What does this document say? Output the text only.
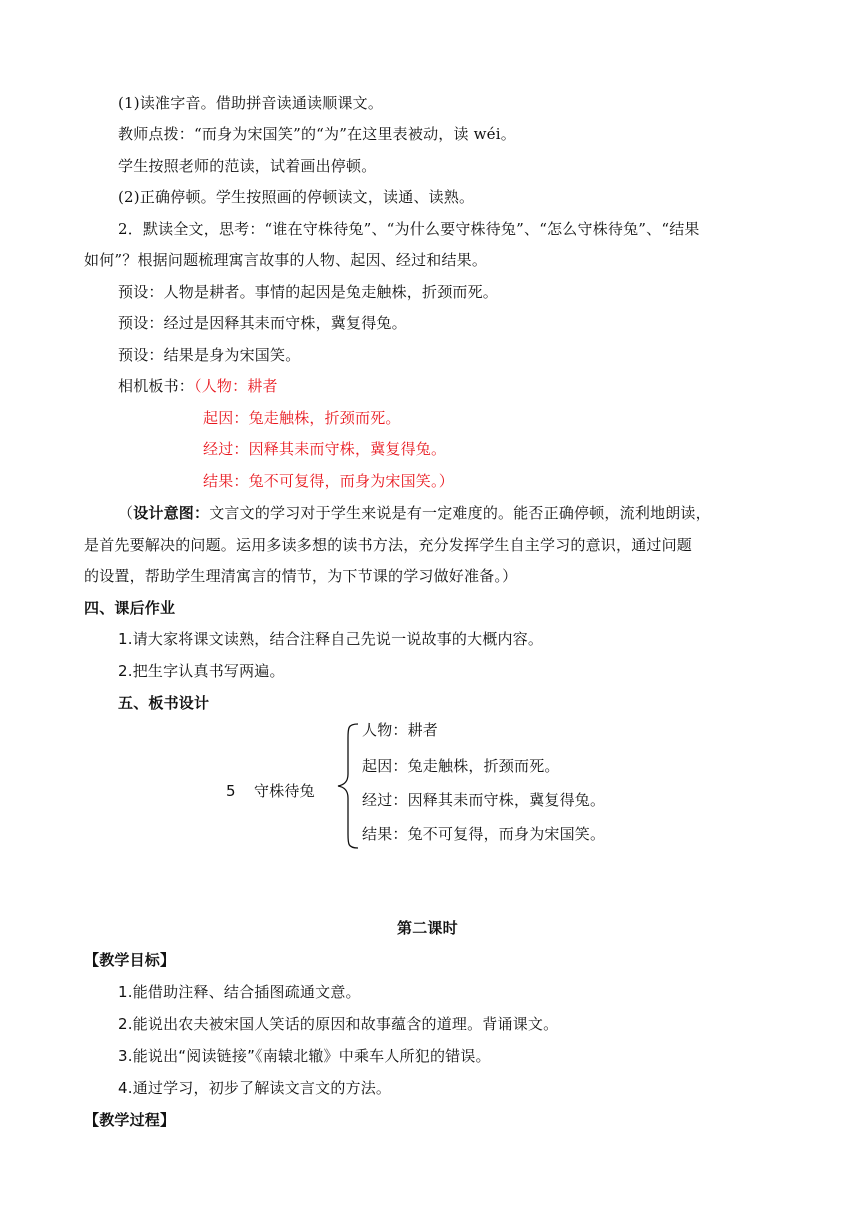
(1)读准字音。借助拼音读通读顺课文。
教师点拨：“而身为宋国笑”的“为”在这里表被动，读 wéi。
学生按照老师的范读，试着画出停顿。
(2)正确停顿。学生按照画的停顿读文，读通、读熟。
2．默读全文，思考：“谁在守株待兔”、“为什么要守株待兔”、“怎么守株待兔”、“结果
如何”？根据问题梳理寓言故事的人物、起因、经过和结果。
预设：人物是耕者。事情的起因是兔走触株，折颈而死。
预设：经过是因释其耒而守株，冀复得兔。
预设：结果是身为宋国笑。
相机板书：（人物：耕者
起因：兔走触株，折颈而死。
经过：因释其耒而守株，冀复得兔。
结果：兔不可复得，而身为宋国笑。）
（设计意图：文言文的学习对于学生来说是有一定难度的。能否正确停顿，流利地朗读，
是首先要解决的问题。运用多读多想的读书方法，充分发挥学生自主学习的意识，通过问题
的设置，帮助学生理清寓言的情节，为下节课的学习做好准备。）
四、课后作业
1.请大家将课文读熟，结合注释自己先说一说故事的大概内容。
2.把生字认真书写两遍。
五、板书设计
5 守株待兔
人物：耕者
起因：兔走触株，折颈而死。
经过：因释其耒而守株，冀复得兔。
结果：兔不可复得，而身为宋国笑。
第二课时
【教学目标】
1.能借助注释、结合插图疏通文意。
2.能说出农夫被宋国人笑话的原因和故事蕴含的道理。背诵课文。
3.能说出“阅读链接”《南辕北辙》中乘车人所犯的错误。
4.通过学习，初步了解读文言文的方法。
【教学过程】
